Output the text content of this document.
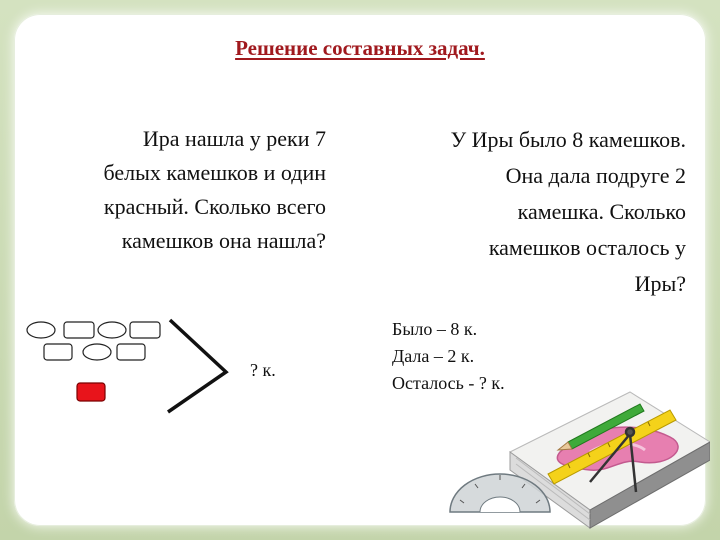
Решение составных задач.
Ира нашла у реки 7
белых камешков и один
красный. Сколько всего
камешков она нашла?
У Иры было 8 камешков.
Она дала подруге 2
камешка. Сколько
камешков осталось у
Иры?
? к.
Было – 8 к.
Дала – 2 к.
Осталось - ? к.
